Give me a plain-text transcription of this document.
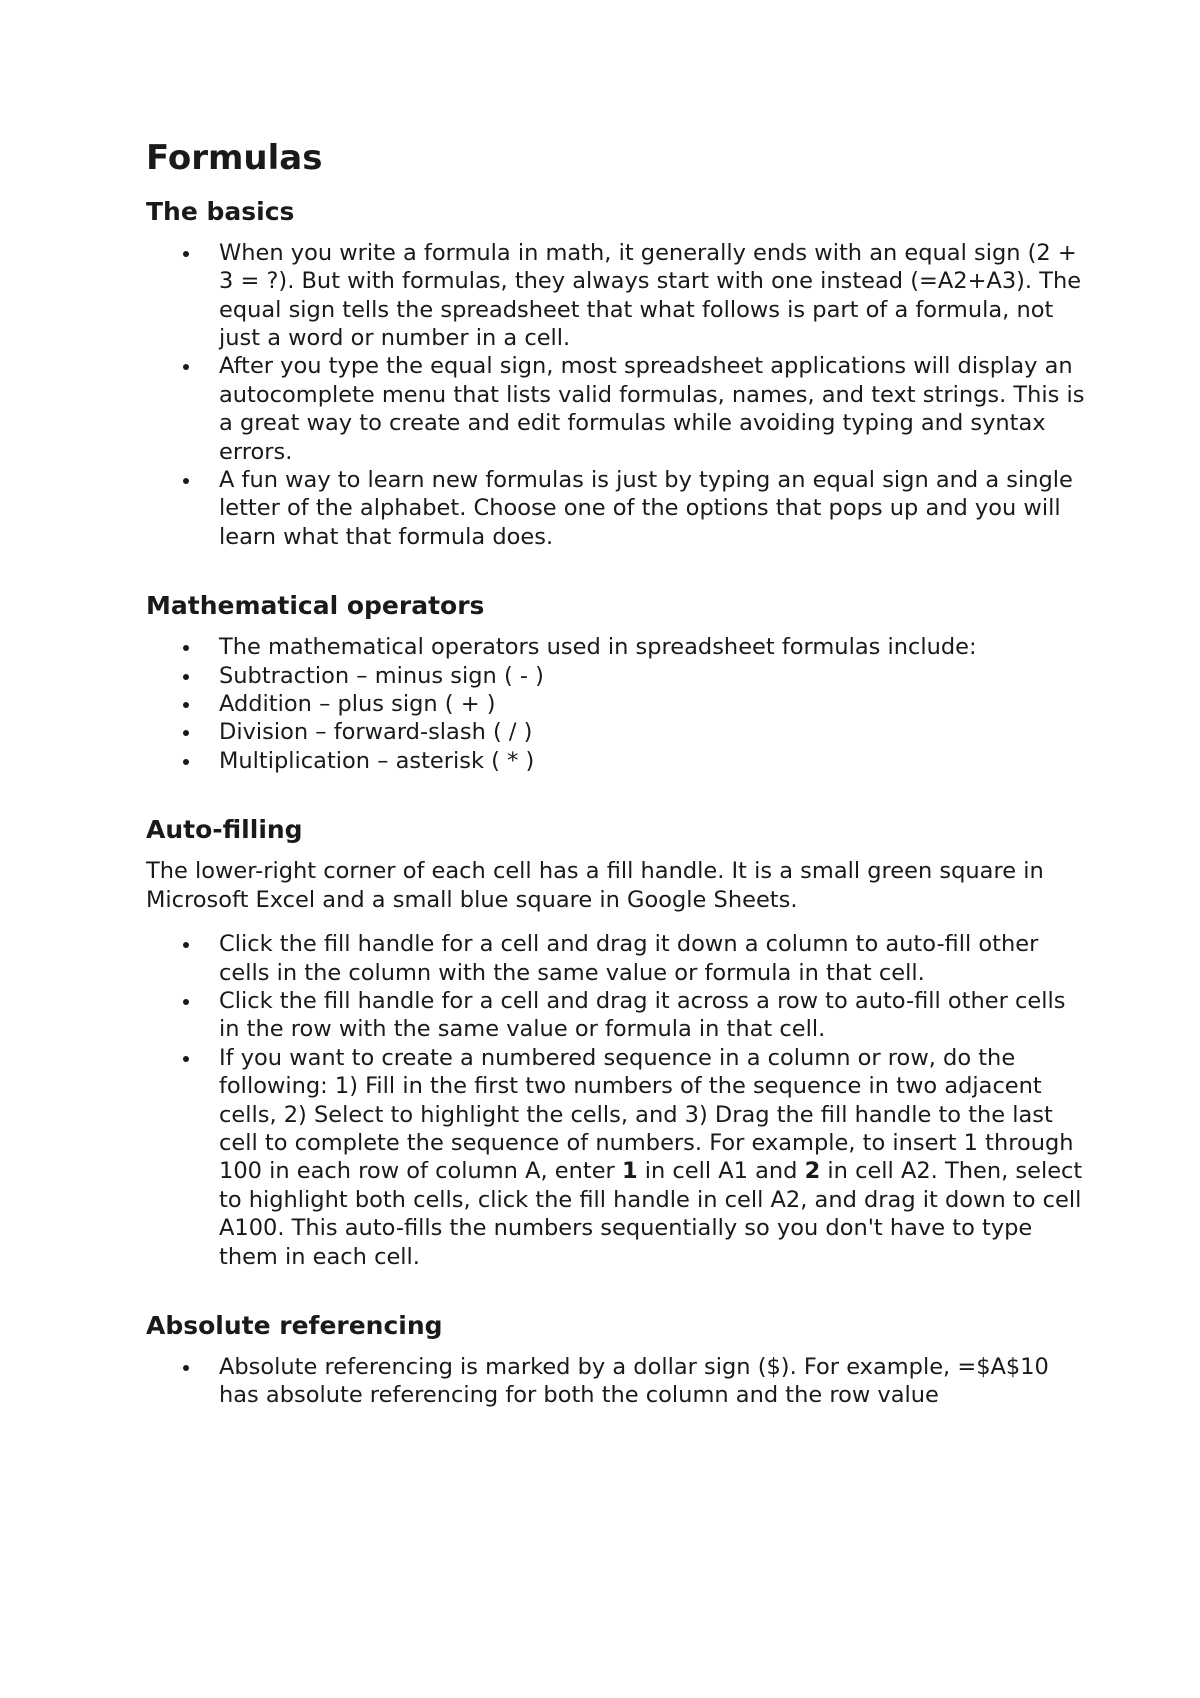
Formulas
The basics
When you write a formula in math, it generally ends with an equal sign (2 + 3 = ?). But with formulas, they always start with one instead (=A2+A3). The equal sign tells the spreadsheet that what follows is part of a formula, not just a word or number in a cell.
After you type the equal sign, most spreadsheet applications will display an autocomplete menu that lists valid formulas, names, and text strings. This is a great way to create and edit formulas while avoiding typing and syntax errors.
A fun way to learn new formulas is just by typing an equal sign and a single letter of the alphabet. Choose one of the options that pops up and you will learn what that formula does.
Mathematical operators
The mathematical operators used in spreadsheet formulas include:
Subtraction – minus sign ( - )
Addition – plus sign ( + )
Division – forward-slash ( / )
Multiplication – asterisk ( * )
Auto-filling

The lower-right corner of each cell has a fill handle. It is a small green square in Microsoft Excel and a small blue square in Google Sheets.

Click the fill handle for a cell and drag it down a column to auto-fill other cells in the column with the same value or formula in that cell.
Click the fill handle for a cell and drag it across a row to auto-fill other cells in the row with the same value or formula in that cell.
If you want to create a numbered sequence in a column or row, do the following: 1) Fill in the first two numbers of the sequence in two adjacent cells, 2) Select to highlight the cells, and 3) Drag the fill handle to the last cell to complete the sequence of numbers. For example, to insert 1 through 100 in each row of column A, enter 1 in cell A1 and 2 in cell A2. Then, select to highlight both cells, click the fill handle in cell A2, and drag it down to cell A100. This auto-fills the numbers sequentially so you don't have to type them in each cell.
Absolute referencing
Absolute referencing is marked by a dollar sign ($). For example, =$A$10 has absolute referencing for both the column and the row value
